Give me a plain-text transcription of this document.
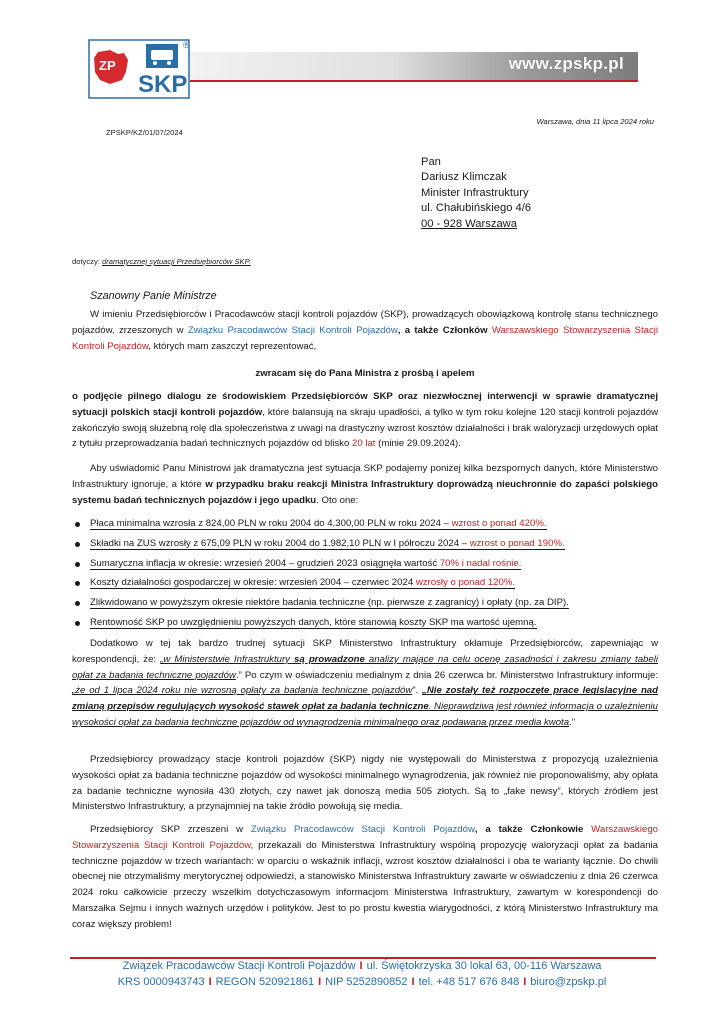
ZP
SKP
®
www.zpskp.pl
Warszawa, dnia 11 lipca 2024 roku
ZPSKP/KZ/01/07/2024
Pan
Dariusz Klimczak
Minister Infrastruktury
ul. Chałubińskiego 4/6
00 - 928 Warszawa
dotyczy: dramatycznej sytuacji Przedsiębiorców SKP.
Szanowny Panie Ministrze
W imieniu Przedsiębiorców i Pracodawców stacji kontroli pojazdów (SKP), prowadzących obowiązkową kontrolę stanu technicznego pojazdów, zrzeszonych w Związku Pracodawców Stacji Kontroli Pojazdów, a także Członków Warszawskiego Stowarzyszenia Stacji Kontroli Pojazdów, których mam zaszczyt reprezentować,
zwracam się do Pana Ministra z prośbą i apelem
o podjęcie pilnego dialogu ze środowiskiem Przedsiębiorców SKP oraz niezwłocznej interwencji w sprawie dramatycznej sytuacji polskich stacji kontroli pojazdów, które balansują na skraju upadłości, a tylko w tym roku kolejne 120 stacji kontroli pojazdów zakończyło swoją służebną rolę dla społeczeństwa z uwagi na drastyczny wzrost kosztów działalności i brak waloryzacji urzędowych opłat z tytułu przeprowadzania badań technicznych pojazdów od blisko 20 lat (minie 29.09.2024).
Aby uświadomić Panu Ministrowi jak dramatyczna jest sytuacja SKP podajemy poniżej kilka bezspornych danych, które Ministerstwo Infrastruktury ignoruje, a które w przypadku braku reakcji Ministra Infrastruktury doprowadzą nieuchronnie do zapaści polskiego systemu badań technicznych pojazdów i jego upadku. Oto one:
Płaca minimalna wzrosła z 824,00 PLN w roku 2004 do 4.300,00 PLN w roku 2024 – wzrost o ponad 420%.
Składki na ZUS wzrosły z 675,09 PLN w roku 2004 do 1.982,10 PLN w I półroczu 2024 – wzrost o ponad 190%.
Sumaryczna inflacja w okresie: wrzesień 2004 – grudzień 2023 osiągnęła wartość 70% i nadal rośnie.
Koszty działalności gospodarczej w okresie: wrzesień 2004 – czerwiec 2024 wzrosły o ponad 120%.
Zlikwidowano w powyższym okresie niektóre badania techniczne (np. pierwsze z zagranicy) i opłaty (np. za DIP).
Rentowność SKP po uwzględnieniu powyższych danych, które stanowią koszty SKP ma wartość ujemną.
Dodatkowo w tej tak bardzo trudnej sytuacji SKP Ministerstwo Infrastruktury okłamuje Przedsiębiorców, zapewniając w korespondencji, że: „w Ministerstwie Infrastruktury są prowadzone analizy mające na celu ocenę zasadności i zakresu zmiany tabeli opłat za badania techniczne pojazdów.” Po czym w oświadczeniu medialnym z dnia 26 czerwca br. Ministerstwo Infrastruktury informuje: „że od 1 lipca 2024 roku nie wzrosną opłaty za badania techniczne pojazdów”. „Nie zostały też rozpoczęte prace legislacyjne nad zmianą przepisów regulujących wysokość stawek opłat za badania techniczne. Nieprawdziwa jest również informacja o uzależnieniu wysokości opłat za badania techniczne pojazdów od wynagrodzenia minimalnego oraz podawana przez media kwota.”
Przedsiębiorcy prowadzący stacje kontroli pojazdów (SKP) nigdy nie występowali do Ministerstwa z propozycją uzależnienia wysokości opłat za badania techniczne pojazdów od wysokości minimalnego wynagrodzenia, jak również nie proponowaliśmy, aby opłata za badanie techniczne wynosiła 430 złotych, czy nawet jak donoszą media 505 złotych. Są to „fake newsy”, których źródłem jest Ministerstwo Infrastruktury, a przynajmniej na takie źródło powołują się media.
Przedsiębiorcy SKP zrzeszeni w Związku Pracodawców Stacji Kontroli Pojazdów, a także Członkowie Warszawskiego Stowarzyszenia Stacji Kontroli Pojazdów, przekazali do Ministerstwa Infrastruktury wspólną propozycję waloryzacji opłat za badania techniczne pojazdów w trzech wariantach: w oparciu o wskaźnik inflacji, wzrost kosztów działalności i oba te warianty łącznie. Do chwili obecnej nie otrzymaliśmy merytorycznej odpowiedzi, a stanowisko Ministerstwa Infrastruktury zawarte w oświadczeniu z dnia 26 czerwca 2024 roku całkowicie przeczy wszelkim dotychczasowym informacjom Ministerstwa Infrastruktury, zawartym w korespondencji do Marszałka Sejmu i innych ważnych urzędów i polityków. Jest to po prostu kwestia wiarygodności, z którą Ministerstwo Infrastruktury ma coraz większy problem!
Związek Pracodawców Stacji Kontroli Pojazdów I ul. Świętokrzyska 30 lokal 63, 00-116 Warszawa
KRS 0000943743 I REGON 520921861 I NIP 5252890852 I tel. +48 517 676 848 I biuro@zpskp.pl
